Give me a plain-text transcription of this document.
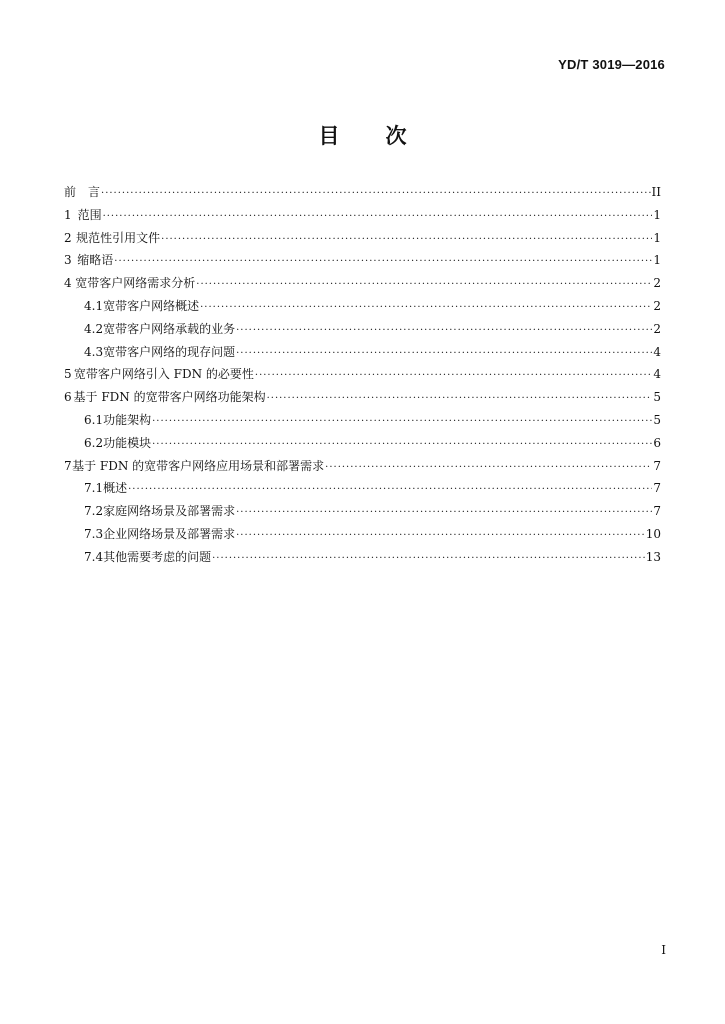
YD/T 3019—2016
目 次
前　言 ·····	II
1 范围 ·····	1
2 规范性引用文件 ·····	1
3 缩略语 ·····	1
4 宽带客户网络需求分析 ·····	2
4.1 宽带客户网络概述 ·····	2
4.2 宽带客户网络承载的业务 ·····	2
4.3 宽带客户网络的现存问题 ·····	4
5 宽带客户网络引入 FDN 的必要性 ·····	4
6 基于 FDN 的宽带客户网络功能架构 ·····	5
6.1 功能架构 ·····	5
6.2 功能模块 ·····	6
7 基于 FDN 的宽带客户网络应用场景和部署需求 ·····	7
7.1 概述 ·····	7
7.2 家庭网络场景及部署需求 ·····	7
7.3 企业网络场景及部署需求 ·····	10
7.4 其他需要考虑的问题 ·····	13
I
